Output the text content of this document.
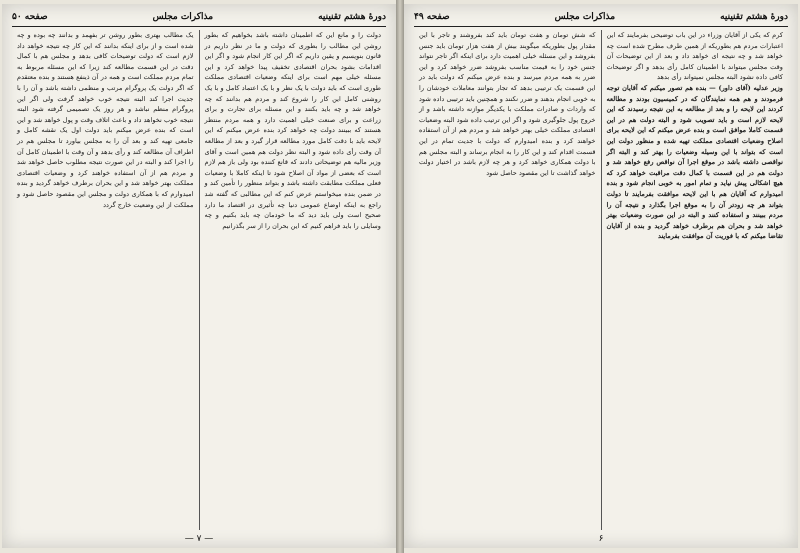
دورهٔ هشتم تقنینیه
مذاکرات مجلس
صفحه ۵۰

دولت را و مانع این که اطمینان داشته باشد بخواهیم که بطور روشن این مطالب را بطوری که دولت و ما در نظر داریم در قانون بنویسیم و یقین داریم که اگر این کار انجام شود و اگر این اقدامات بشود بحران اقتصادی تخفیف پیدا خواهد کرد و این مسئله خیلی مهم است برای اینکه وضعیات اقتصادی مملکت طوری است که باید دولت با یک نظر و با یک اعتماد کامل و با یک روشنی کامل این کار را شروع کند و مردم هم بدانند که چه خواهد شد و چه باید بکنند و این مسئله برای تجارت و برای زراعت و برای صنعت خیلی اهمیت دارد و همه مردم منتظر هستند که ببینند دولت چه خواهد کرد بنده عرض میکنم که این لایحه باید با دقت کامل مورد مطالعه قرار گیرد و بعد از مطالعه آن وقت رأی داده شود و البته نظر دولت هم همین است و آقای وزیر مالیه هم توضیحاتی دادند که قانع کننده بود ولی باز هم لازم است که بعضی از مواد آن اصلاح شود تا اینکه کاملا با وضعیات فعلی مملکت مطابقت داشته باشد و بتواند منظور را تأمین کند و در ضمن بنده میخواستم عرض کنم که این مطالبی که گفته شد راجع به اینکه اوضاع عمومی دنیا چه تأثیری در اقتصاد ما دارد صحیح است ولی باید دید که ما خودمان چه باید بکنیم و چه وسایلی را باید فراهم کنیم که این بحران را از سر بگذرانیم

یک مطالب بهتری بطور روشن تر بفهمد و بدانند چه بوده و چه شده است و از برای اینکه بدانند که این کار چه نتیجه خواهد داد لازم است که دولت توضیحات کافی بدهد و مجلس هم با کمال دقت در این قسمت مطالعه کند زیرا که این مسئله مربوط به تمام مردم مملکت است و همه در آن ذینفع هستند و بنده معتقدم که اگر دولت یک پروگرام مرتب و منظمی داشته باشد و آن را با جدیت اجرا کند البته نتیجه خوب خواهد گرفت ولی اگر این پروگرام منظم نباشد و هر روز یک تصمیمی گرفته شود البته نتیجه خوب نخواهد داد و باعث اتلاف وقت و پول خواهد شد و این است که بنده عرض میکنم باید دولت اول یک نقشه کامل و جامعی تهیه کند و بعد آن را به مجلس بیاورد تا مجلس هم در اطراف آن مطالعه کند و رأی بدهد و آن وقت با اطمینان کامل آن را اجرا کند و البته در این صورت نتیجه مطلوب حاصل خواهد شد و مردم هم از آن استفاده خواهند کرد و وضعیات اقتصادی مملکت بهتر خواهد شد و این بحران برطرف خواهد گردید و بنده امیدوارم که با همکاری دولت و مجلس این مقصود حاصل شود و مملکت از این وضعیت خارج گردد

— ۷ —
دورهٔ هشتم تقنینیه
مذاکرات مجلس
صفحه ۴۹

کرم که یکی از آقایان وزراء در این باب توضیحی بفرمایند که این اعتبارات مردم هم بطوریکه از همین طرف مطرح شده است چه خواهد شد و چه نتیجه ای خواهد داد و بعد از این توضیحات آن وقت مجلس میتواند با اطمینان کامل رأی بدهد و اگر توضیحات کافی داده نشود البته مجلس نمیتواند رأی بدهد

وزیر عدلیه (آقای داور) — بنده هم تصور میکنم که آقایان توجه فرمودند و هم همه نمایندگان که در کمیسیون بودند و مطالعه کردند این لایحه را و بعد از مطالعه به این نتیجه رسیدند که این لایحه لازم است و باید تصویب شود و البته دولت هم در این قسمت کاملا موافق است و بنده عرض میکنم که این لایحه برای اصلاح وضعیات اقتصادی مملکت تهیه شده و منظور دولت این است که بتواند با این وسیله وضعیات را بهتر کند و البته اگر نواقصی داشته باشد در موقع اجرا آن نواقص رفع خواهد شد و دولت هم در این قسمت با کمال دقت مراقبت خواهد کرد که هیچ اشکالی پیش نیاید و تمام امور به خوبی انجام شود و بنده امیدوارم که آقایان هم با این لایحه موافقت بفرمایند تا دولت بتواند هر چه زودتر آن را به موقع اجرا بگذارد و نتیجه آن را مردم ببینند و استفاده کنند و البته در این صورت وضعیات بهتر خواهد شد و بحران هم برطرف خواهد گردید و بنده از آقایان تقاضا میکنم که با فوریت آن موافقت بفرمایند

که شش تومان و هفت تومان باید کند بفروشند و تاجر با این مقدار پول بطوریکه میگویند بیش از هفت هزار تومان باید جنس بفروشد و این مسئله خیلی اهمیت دارد برای اینکه اگر تاجر نتواند جنس خود را به قیمت مناسب بفروشد ضرر خواهد کرد و این ضرر به همه مردم میرسد و بنده عرض میکنم که دولت باید در این قسمت یک ترتیبی بدهد که تجار بتوانند معاملات خودشان را به خوبی انجام بدهند و ضرر نکنند و همچنین باید ترتیبی داده شود که واردات و صادرات مملکت با یکدیگر موازنه داشته باشد و از خروج پول جلوگیری شود و اگر این ترتیب داده شود البته وضعیات اقتصادی مملکت خیلی بهتر خواهد شد و مردم هم از آن استفاده خواهند کرد و بنده امیدوارم که دولت با جدیت تمام در این قسمت اقدام کند و این کار را به انجام برساند و البته مجلس هم با دولت همکاری خواهد کرد و هر چه لازم باشد در اختیار دولت خواهد گذاشت تا این مقصود حاصل شود

۶
